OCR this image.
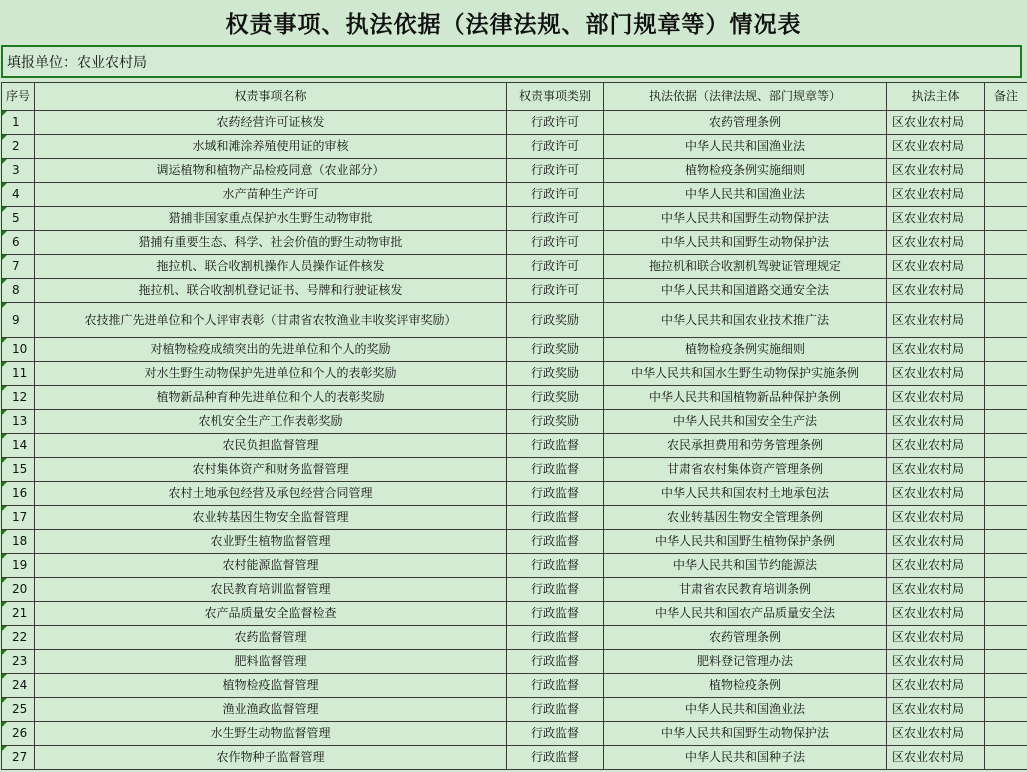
权责事项、执法依据（法律法规、部门规章等）情况表
填报单位：农业农村局
序号	权责事项名称	权责事项类别	执法依据（法律法规、部门规章等）	执法主体	备注
1	农药经营许可证核发	行政许可	农药管理条例	区农业农村局	
2	水域和滩涂养殖使用证的审核	行政许可	中华人民共和国渔业法	区农业农村局	
3	调运植物和植物产品检疫同意（农业部分）	行政许可	植物检疫条例实施细则	区农业农村局	
4	水产苗种生产许可	行政许可	中华人民共和国渔业法	区农业农村局	
5	猎捕非国家重点保护水生野生动物审批	行政许可	中华人民共和国野生动物保护法	区农业农村局	
6	猎捕有重要生态、科学、社会价值的野生动物审批	行政许可	中华人民共和国野生动物保护法	区农业农村局	
7	拖拉机、联合收割机操作人员操作证件核发	行政许可	拖拉机和联合收割机驾驶证管理规定	区农业农村局	
8	拖拉机、联合收割机登记证书、号牌和行驶证核发	行政许可	中华人民共和国道路交通安全法	区农业农村局	
9	农技推广先进单位和个人评审表彰（甘肃省农牧渔业丰收奖评审奖励）	行政奖励	中华人民共和国农业技术推广法	区农业农村局	
10	对植物检疫成绩突出的先进单位和个人的奖励	行政奖励	植物检疫条例实施细则	区农业农村局	
11	对水生野生动物保护先进单位和个人的表彰奖励	行政奖励	中华人民共和国水生野生动物保护实施条例	区农业农村局	
12	植物新品种育种先进单位和个人的表彰奖励	行政奖励	中华人民共和国植物新品种保护条例	区农业农村局	
13	农机安全生产工作表彰奖励	行政奖励	中华人民共和国安全生产法	区农业农村局	
14	农民负担监督管理	行政监督	农民承担费用和劳务管理条例	区农业农村局	
15	农村集体资产和财务监督管理	行政监督	甘肃省农村集体资产管理条例	区农业农村局	
16	农村土地承包经营及承包经营合同管理	行政监督	中华人民共和国农村土地承包法	区农业农村局	
17	农业转基因生物安全监督管理	行政监督	农业转基因生物安全管理条例	区农业农村局	
18	农业野生植物监督管理	行政监督	中华人民共和国野生植物保护条例	区农业农村局	
19	农村能源监督管理	行政监督	中华人民共和国节约能源法	区农业农村局	
20	农民教育培训监督管理	行政监督	甘肃省农民教育培训条例	区农业农村局	
21	农产品质量安全监督检查	行政监督	中华人民共和国农产品质量安全法	区农业农村局	
22	农药监督管理	行政监督	农药管理条例	区农业农村局	
23	肥料监督管理	行政监督	肥料登记管理办法	区农业农村局	
24	植物检疫监督管理	行政监督	植物检疫条例	区农业农村局	
25	渔业渔政监督管理	行政监督	中华人民共和国渔业法	区农业农村局	
26	水生野生动物监督管理	行政监督	中华人民共和国野生动物保护法	区农业农村局	
27	农作物种子监督管理	行政监督	中华人民共和国种子法	区农业农村局	
